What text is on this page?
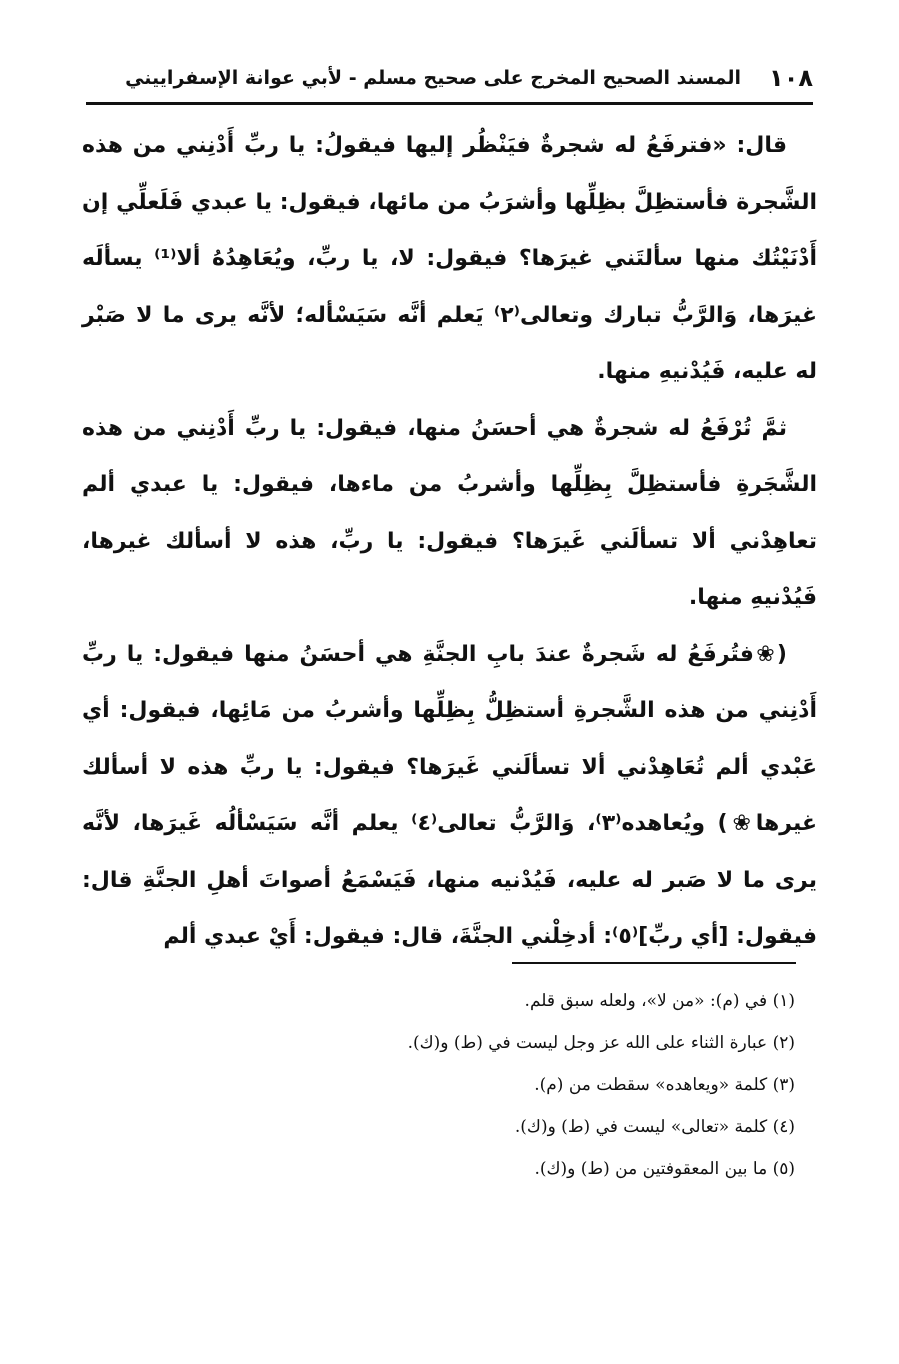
١٠٨
المسند الصحيح المخرج على صحيح مسلم - لأبي عوانة الإسفراييني

قال: «فترفَعُ له شجرةٌ فيَنْظُر إليها فيقولُ: يا ربِّ أَدْنِني من هذه الشَّجرة فأستظِلَّ بظِلِّها وأشرَبُ من مائها، فيقول: يا عبدي فَلَعلِّي إن أَدْنَيْتُك منها سألتَني غيرَها؟ فيقول: لا، يا ربِّ، ويُعَاهِدُهُ ألا⁽¹⁾ يسألَه غيرَها، وَالرَّبُّ تبارك وتعالى⁽٢⁾ يَعلم أنَّه سَيَسْأله؛ لأنَّه يرى ما لا صَبْر له عليه، فَيُدْنيهِ منها.

ثمَّ تُرْفَعُ له شجرةٌ هي أحسَنُ منها، فيقول: يا ربِّ أَدْنِني من هذه الشَّجَرةِ فأستظِلَّ بِظِلِّها وأشربُ من ماءها، فيقول: يا عبدي ألم تعاهِدْني ألا تسألَني غَيرَها؟ فيقول: يا ربِّ، هذه لا أسألك غيرها، فَيُدْنيهِ منها.

(❀فتُرفَعُ له شَجرةٌ عندَ بابِ الجنَّةِ هي أحسَنُ منها فيقول: يا ربِّ أَدْنِني من هذه الشَّجرةِ أستظِلُّ بِظِلِّها وأشربُ من مَائِها، فيقول: أي عَبْدي ألم تُعَاهِدْني ألا تسألَني غَيرَها؟ فيقول: يا ربِّ هذه لا أسألك غيرها❀) ويُعاهده⁽٣⁾، وَالرَّبُّ تعالى⁽٤⁾ يعلم أنَّه سَيَسْألُه غَيرَها، لأنَّه يرى ما لا صَبر له عليه، فَيُدْنيه منها، فَيَسْمَعُ أصواتَ أهلِ الجنَّةِ قال: فيقول: [أي ربِّ]⁽٥⁾: أدخِلْني الجنَّةَ، قال: فيقول: أَيْ عبدي ألم

(١) في (م): «من لا»، ولعله سبق قلم.
(٢) عبارة الثناء على الله عز وجل ليست في (ط) و(ك).
(٣) كلمة «ويعاهده» سقطت من (م).
(٤) كلمة «تعالى» ليست في (ط) و(ك).
(٥) ما بين المعقوفتين من (ط) و(ك).
